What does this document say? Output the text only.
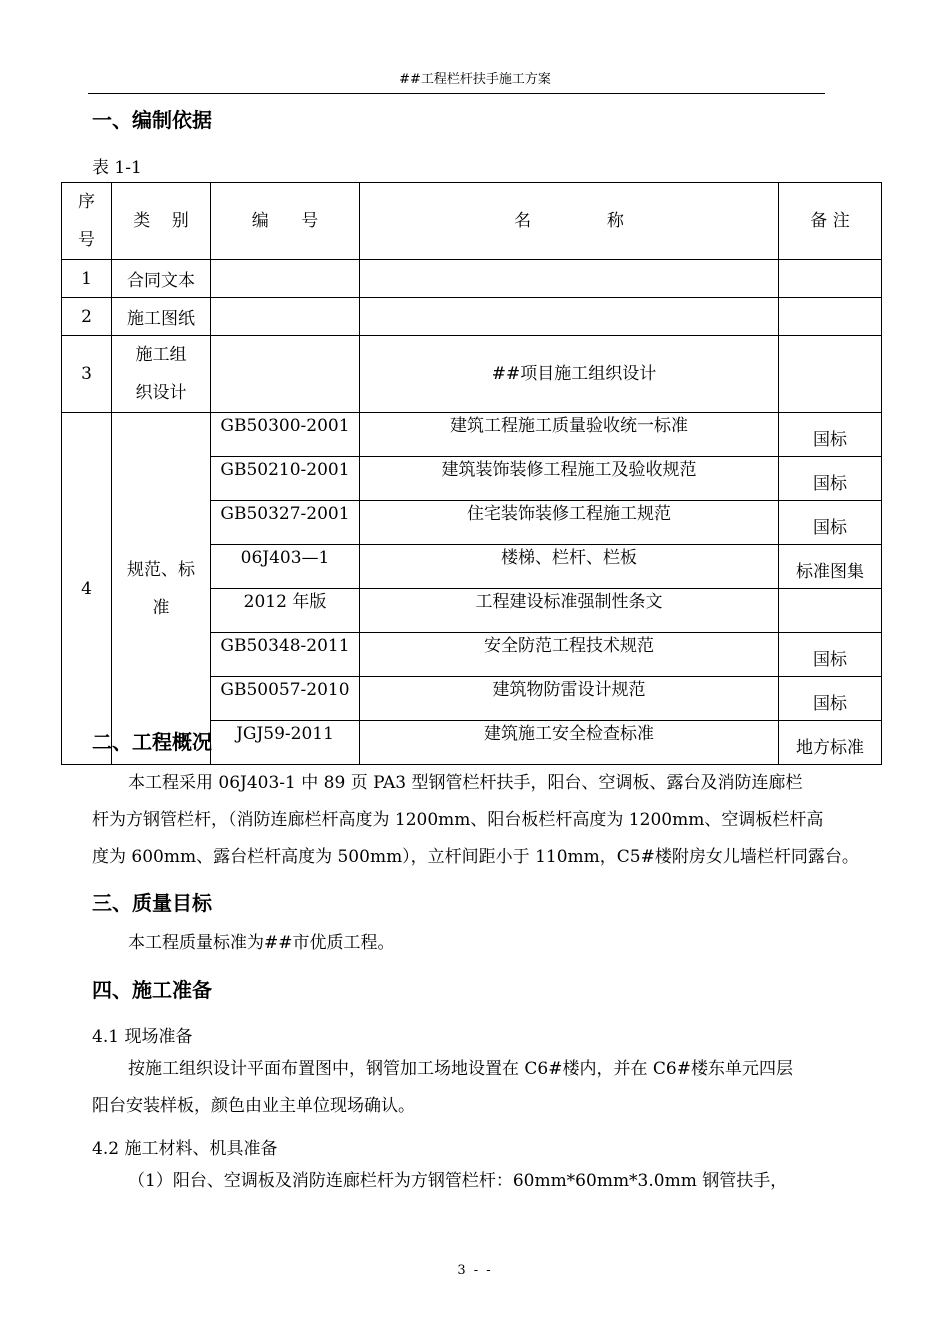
##工程栏杆扶手施工方案
一、编制依据
表 1-1
序
号	类    别	编      号	名              称	备 注
1	合同文本			
2	施工图纸			
3	施工组
织设计		##项目施工组织设计	
4	规范、标
准	GB50300-2001	建筑工程施工质量验收统一标准	国标
		GB50210-2001	建筑装饰装修工程施工及验收规范	国标
		GB50327-2001	住宅装饰装修工程施工规范	国标
		06J403—1	楼梯、栏杆、栏板	标准图集
		2012 年版	工程建设标准强制性条文	
		GB50348-2011	安全防范工程技术规范	国标
		GB50057-2010	建筑物防雷设计规范	国标
		JGJ59-2011	建筑施工安全检查标准	地方标准
二、工程概况
本工程采用 06J403-1 中 89 页 PA3 型钢管栏杆扶手，阳台、空调板、露台及消防连廊栏
杆为方钢管栏杆，（消防连廊栏杆高度为 1200mm、阳台板栏杆高度为 1200mm、空调板栏杆高
度为 600mm、露台栏杆高度为 500mm），立杆间距小于 110mm，C5#楼附房女儿墙栏杆同露台。
三、质量目标
本工程质量标准为##市优质工程。
四、施工准备
4.1 现场准备
按施工组织设计平面布置图中，钢管加工场地设置在 C6#楼内，并在 C6#楼东单元四层
阳台安装样板，颜色由业主单位现场确认。
4.2 施工材料、机具准备
（1）阳台、空调板及消防连廊栏杆为方钢管栏杆：60mm*60mm*3.0mm 钢管扶手，
3 - -
